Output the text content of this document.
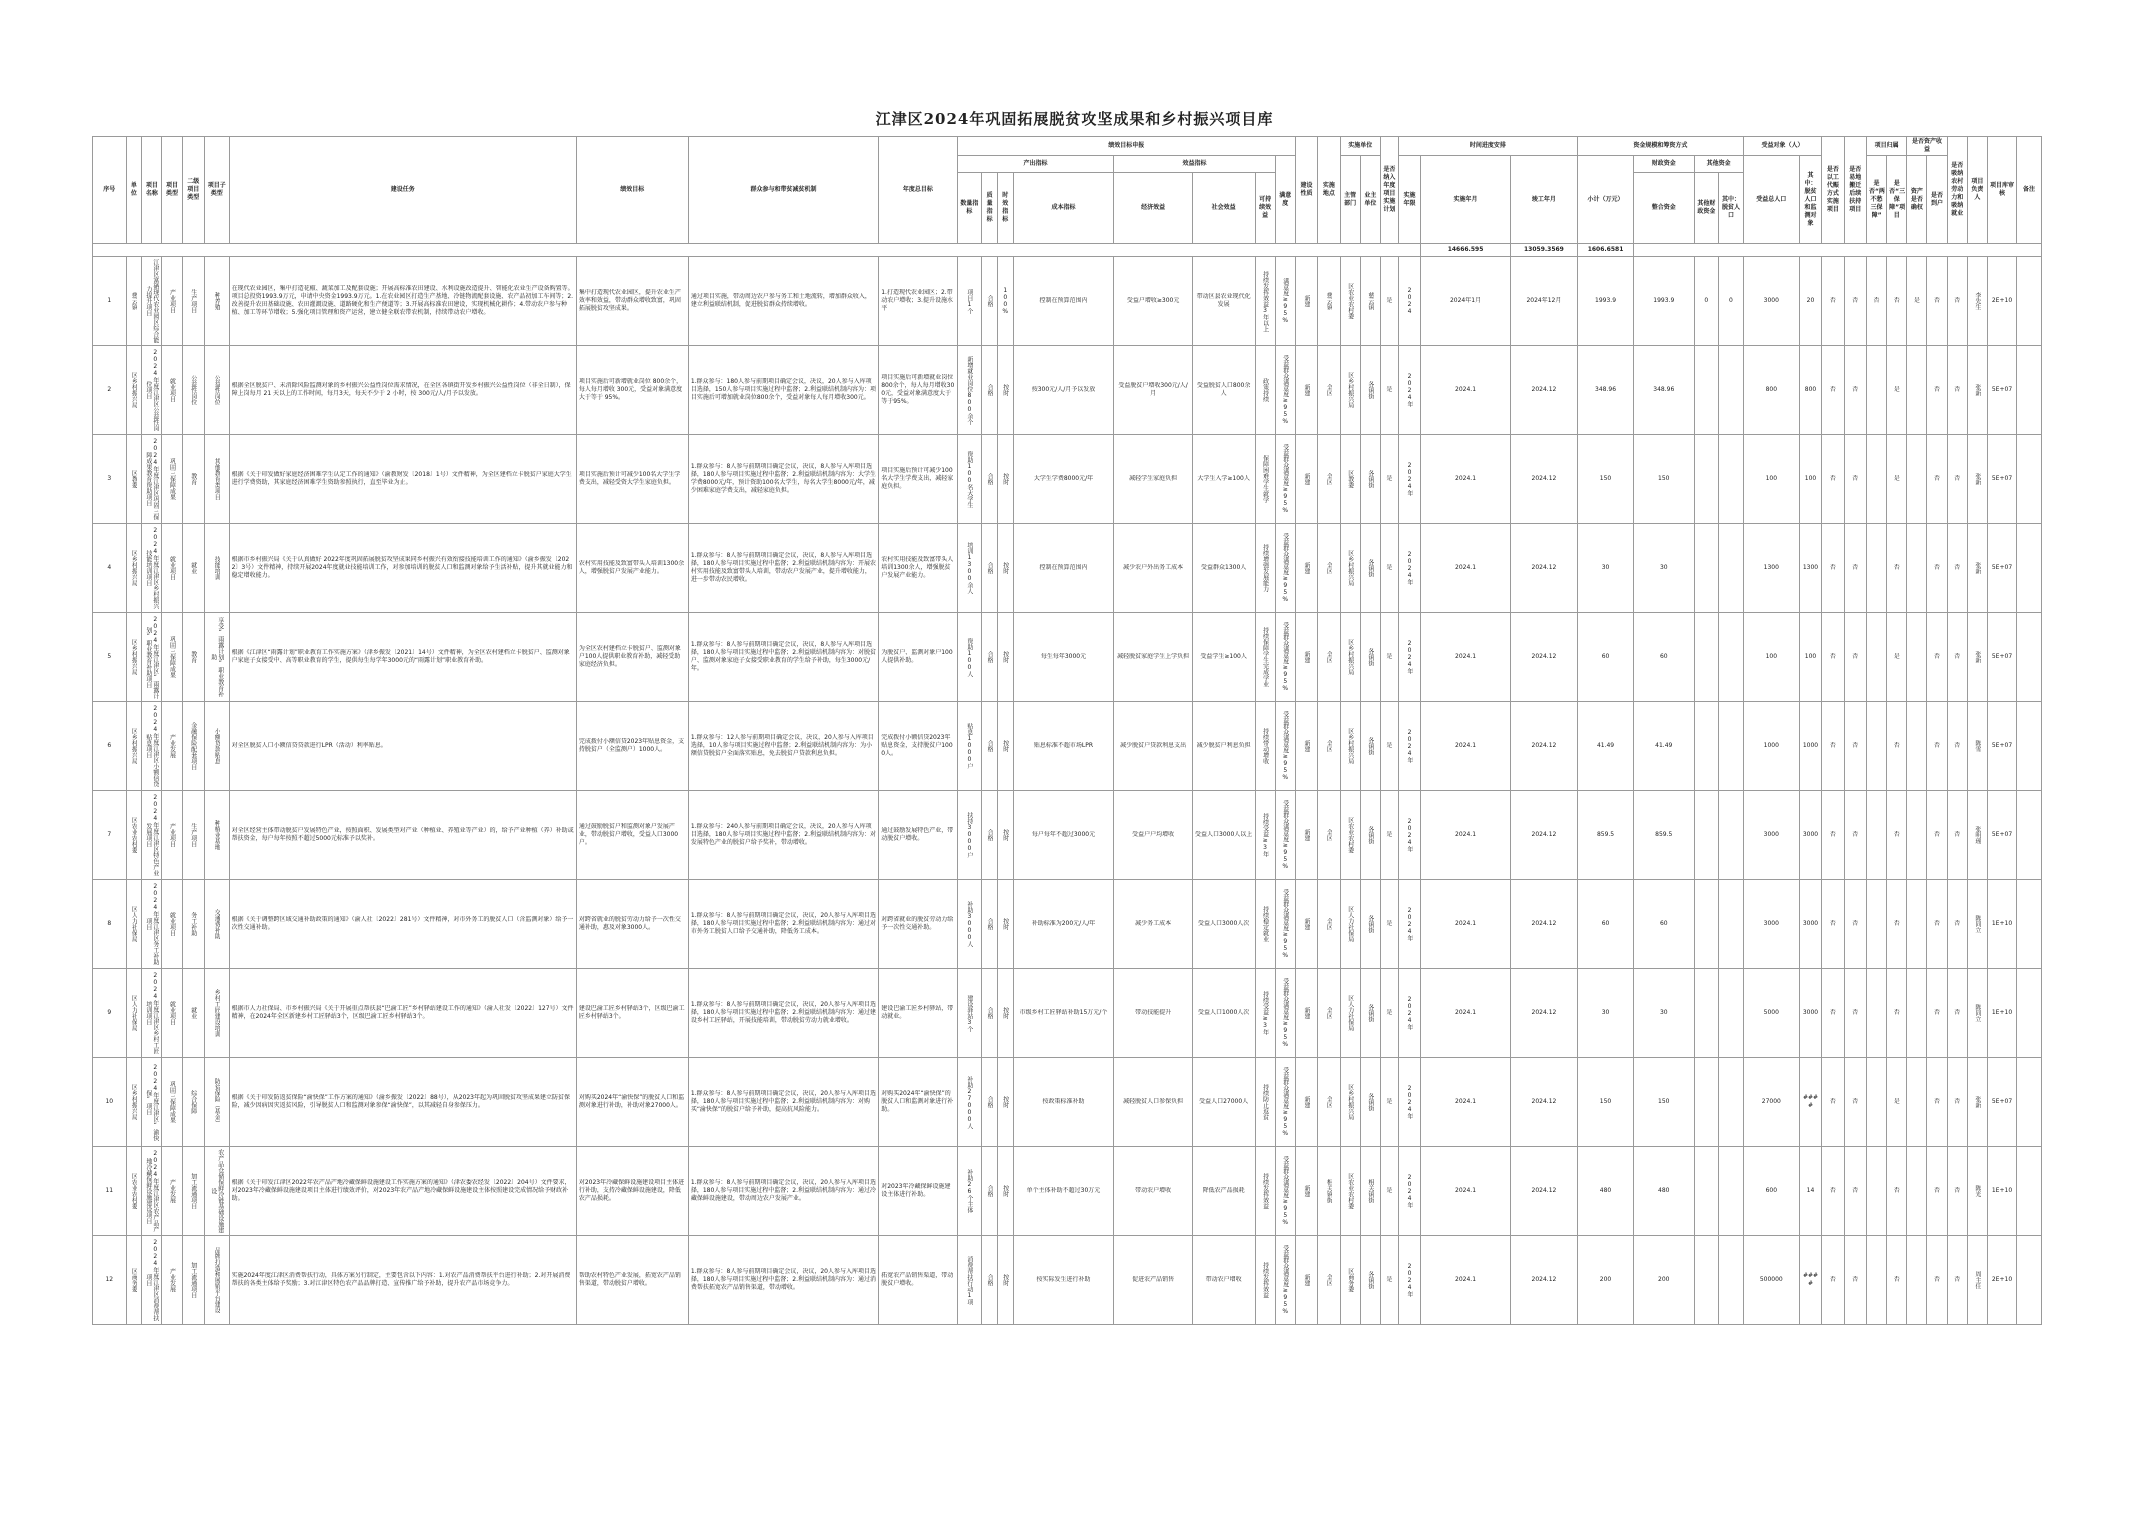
江津区2024年巩固拓展脱贫攻坚成果和乡村振兴项目库
序号	单位	项目名称	项目类型	二级项目类型	项目子类型	建设任务	绩效目标	群众参与和带贫减贫机制	年度总目标	绩效目标申报								建设性质	实施地点	实施单位		是否纳入年度项目实施计划	时间进度安排			资金规模和筹资方式				受益对象（人）		是否以工代赈方式实施项目	是否易地搬迁后续扶持项目	项目归属		是否资产收益		是否吸纳农村劳动力和吸纳就业	项目负责人	项目库审核	备注
										产出指标				效益指标			满意度			主管部门	业主单位		实施年限	实施年月	竣工年月	小计（万元）	财政资金	其他资金		受益总人口	其中：脱贫人口和监测对象			是否“两不愁三保障”	是否“三保障”项目	资产是否确权	是否到户				
										数量指标	质量指标	时效指标	成本指标	经济效益	社会效益	可持续效益											整合资金	其他财政资金	其中：脱贫人口												
																								14666.595	13059.3569	1606.6581															

1	慈云镇	江津区富硒现代农业园区综合能力提升项目	产业项目	生产项目	种养殖	在现代农业园区，集中打造花椒、蔬菜加工及配套设施；开展高标准农田建设、水利设施改造提升、智能化农业生产设备购置等。项目总投资1993.9万元，申请中央资金1993.9万元。1.在农业园区打造生产基地、冷链物流配套设施、农产品初加工车间等；2.改善提升农田基础设施、农田灌溉设施、道路硬化和生产便道等；3.开展高标准农田建设，实现机械化耕作；4.带动农户参与种植、加工等环节增收；5.强化项目管理和资产运营，建立健全联农带农机制，持续带动农户增收。	集中打造现代农业园区，提升农业生产效率和效益，带动群众增收致富，巩固拓展脱贫攻坚成果。	通过项目实施，带动周边农户参与务工和土地流转，增加群众收入，建立利益联结机制，促进脱贫群众持续增收。	1.打造现代农业园区；2.带动农户增收；3.提升设施水平	项目1个	合格	100%	控制在预算范围内	受益户增收≥300元	带动区县农业现代化发展	持续发挥效益3年以上	满意度≥95%	新建	慈云镇	区农业农村委	慈云镇	是	2024	2024年1月	2024年12月	1993.9	1993.9	0	0	3000	20	否	否	否	否	是	否	否	李先生	2E+10	

2	区乡村振兴局	2024年度江津区公益性岗位项目	就业项目	公益性岗位	公益性岗位	根据全区脱贫户、未消除风险监测对象的乡村振兴公益性岗位需求情况，在全区各镇街开发乡村振兴公益性岗位（非全日制），保障上岗每月 21 天以上的工作时间，每月3天，每天不少于 2 小时，按 300元/人/月予以发放。	项目实施后可新增就业岗位 800余个，每人每月增收 300元，受益对象满意度大于等于 95%。	1.群众参与：180人参与前期项目确定会议，决议，20人参与入库项目选择，150人参与项目实施过程中监督；2.利益联结机制内容为：项目实施后可增加就业岗位800余个，受益对象每人每月增收300元。	项目实施后可新增就业岗位800余个，每人每月增收300元，受益对象满意度大于等于95%。	新增就业岗位800余个	合格	按时	按300元/人/月予以发放	受益脱贫户增收300元/人/月	受益脱贫人口800余人	政策持续	受益群众满意度≥95%	新建	全区	区乡村振兴局	各镇街	是	2024年	2024.1	2024.12	348.96	348.96			800	800	否	否		是		否	否	张新	5E+07	

3	区教委	2024年度江津区巩固三保障成果教育资助项目	巩固三保障成果	教育	其他教育类项目	根据《关于印发做好家庭经济困难学生认定工作的通知》（渝教财发〔2018〕1号）文件精神，为全区建档立卡脱贫户家庭大学生进行学费资助，其家庭经济困难学生资助参照执行，直至毕业为止。	项目实施后预计可减少100名大学生学费支出，减轻受资大学生家庭负担。	1.群众参与：8人参与前期项目确定会议，决议，8人参与入库项目选择，180人参与项目实施过程中监督；2.利益联结机制内容为：大学生学费8000元/年，预计资助100名大学生，每名大学生8000元/年，减少困难家庭学费支出，减轻家庭负担。	项目实施后预计可减少100名大学生学费支出，减轻家庭负担。	资助100名大学生	合格	按时	大学生学费8000元/年	减轻学生家庭负担	大学生入学≥100人	保障困难学生就学	受益群众满意度≥95%	新建	全区	区教委	各镇街	是	2024年	2024.1	2024.12	150	150			100	100	否	否		是		否	否	张新	5E+07	

4	区乡村振兴局	2024年度江津区乡村振兴技能培训项目	就业项目	就业	技能培训	根据市乡村振兴局《关于认真做好 2022年度巩固拓展脱贫攻坚成果同乡村振兴有效衔接技能培训工作的通知》（渝乡振发〔2022〕3号）文件精神，持续开展2024年度就业技能培训工作，对参加培训的脱贫人口和监测对象给予生活补贴，提升其就业能力和稳定增收能力。	农村实用技能及致富带头人培训1300余人，增强脱贫户发展产业能力。	1.群众参与：8人参与前期项目确定会议，决议，8人参与入库项目选择，180人参与项目实施过程中监督；2.利益联结机制内容为：开展农村实用技能及致富带头人培训，带动农户发展产业，提升增收能力，进一步带动农民增收。	农村实用技能及致富带头人培训1300余人，增强脱贫户发展产业能力。	培训1300余人	合格	按时	控制在预算范围内	减少农户外出务工成本	受益群众1300人	持续增强发展能力	受益群众满意度≥95%	新建	全区	区乡村振兴局	各镇街	是	2024年	2024.1	2024.12	30	30			1300	1300	否	否		否		否	否	张新	5E+07	

5	区乡村振兴局	2024年度江津区“雨露计划”职业教育补助项目	巩固三保障成果	教育	享受“雨露计划”职业教育补助	根据《江津区“雨露计划”职业教育工作实施方案》（津乡振发〔2021〕14号）文件精神，为全区农村建档立卡脱贫户、监测对象户家庭子女接受中、高等职业教育的学生，提供每生每学年3000元的“雨露计划”职业教育补助。	为全区农村建档立卡脱贫户、监测对象户100人提供职业教育补助，减轻受助家庭经济负担。	1.群众参与：8人参与前期项目确定会议，决议，8人参与入库项目选择，180人参与项目实施过程中监督；2.利益联结机制内容为：对脱贫户、监测对象家庭子女接受职业教育的学生给予补助，每生3000元/年。	为脱贫户、监测对象户100人提供补助。	资助100人	合格	按时	每生每年3000元	减轻脱贫家庭学生上学负担	受益学生≥100人	持续保障学生完成学业	受益群众满意度≥95%	新建	全区	区乡村振兴局	各镇街	是	2024年	2024.1	2024.12	60	60			100	100	否	否		是		否	否	张新	5E+07	

6	区乡村振兴局	2024年度江津区小额信贷贴息项目	产业发展	金融保险配套项目	小额贷款贴息	对全区脱贫人口小额信贷贷款进行LPR（活动）利率贴息。	完成拨付小额信贷2023年贴息资金，支持脱贫户（全监测户）1000人。	1.群众参与：12人参与前期项目确定会议，决议，20人参与入库项目选择，10人参与项目实施过程中监督；2.利益联结机制内容为：为小额信贷脱贫户全面落实贴息，免去脱贫户贷款利息负担。	完成拨付小额信贷2023年贴息资金，支持脱贫户1000人。	贴息1000户	合格	按时	贴息标准不超市场LPR	减少脱贫户贷款利息支出	减少脱贫户利息负担	持续带动增收	受益群众满意度≥95%	新建	全区	区乡村振兴局	各镇街	是	2024年	2024.1	2024.12	41.49	41.49			1000	1000	否	否		否		否	否	陈雪	5E+07	

7	区农业农村委	2024年度江津区特色产业发展项目	产业项目	生产项目	种植业基地	对全区经营主体带动脱贫户发展特色产业，按照面积、发展类型对产业（种植业、养殖业等产业）的，给予产业种植（养）补助或帮扶资金，每户每年按照不超过5000元标准予以奖补。	通过鼓励脱贫户和监测对象户发展产业，带动脱贫户增收，受益人口3000户。	1.群众参与：240人参与前期项目确定会议，决议，20人参与入库项目选择，180人参与项目实施过程中监督；2.利益联结机制内容为：对发展特色产业的脱贫户给予奖补，带动增收。	通过鼓励发展特色产业，带动脱贫户增收。	扶持3000户	合格	按时	每户每年不超过3000元	受益户户均增收	受益人口3000人以上	持续受益≥3年	受益群众满意度≥95%	新建	全区	区农业农村委	各镇街	是	2024年	2024.1	2024.12	859.5	859.5			3000	3000	否	否		否		否	否	张明瑶	5E+07	

8	区人力社保局	2024年度江津区务工补助项目	就业项目	务工补助	交通费补助	根据《关于调整跨区域交通补助政策的通知》（渝人社〔2022〕281号）文件精神，对市外务工的脱贫人口（含监测对象）给予一次性交通补助。	对跨省就业的脱贫劳动力给予一次性交通补助，惠及对象3000人。	1.群众参与：8人参与前期项目确定会议，决议，20人参与入库项目选择，180人参与项目实施过程中监督；2.利益联结机制内容为：通过对市外务工脱贫人口给予交通补助，降低务工成本。	对跨省就业的脱贫劳动力给予一次性交通补助。	补助3000人	合格	按时	补助标准为200元/人/年	减少务工成本	受益人口3000人次	持续稳定就业	受益群众满意度≥95%	新建	全区	区人力社保局	各镇街	是	2024年	2024.1	2024.12	60	60			3000	3000	否	否		否		否	否	陈同立	1E+10	

9	区人力社保局	2024年度江津区乡村工匠培训项目	就业项目	就业	乡村工匠建设培训	根据市人力社保局、市乡村振兴局《关于开展重点帮扶县“巴渝工匠”乡村驿站建设工作的通知》（渝人社发〔2022〕127号）文件精神，在2024年全区新建乡村工匠驿站3个，区级巴渝工匠乡村驿站3个。	建设巴渝工匠乡村驿站3个，区级巴渝工匠乡村驿站3个。	1.群众参与：8人参与前期项目确定会议，决议，20人参与入库项目选择，180人参与项目实施过程中监督；2.利益联结机制内容为：通过建设乡村工匠驿站，开展技能培训，带动脱贫劳动力就业增收。	建设巴渝工匠乡村驿站，带动就业。	建设驿站3个	合格	按时	市级乡村工匠驿站补助15万元/个	带动技能提升	受益人口1000人次	持续受益≥3年	受益群众满意度≥95%	新建	全区	区人力社保局	各镇街	是	2024年	2024.1	2024.12	30	30			5000	3000	否	否		否		否	否	陈同立	1E+10	

10	区乡村振兴局	2024年度江津区“渝快保”项目	巩固三保障成果	综合保障	防贫保险（基金）	根据《关于印发防返贫保险“渝快保”工作方案的通知》（渝乡振发〔2022〕88号），从2023年起为巩固脱贫攻坚成果建立防贫保险，减少因病因灾返贫风险，引导脱贫人口和监测对象参保“渝快保”，以其减轻自身参保压力。	对购买2024年“渝快保”的脱贫人口和监测对象进行补助，补助对象27000人。	1.群众参与：8人参与前期项目确定会议，决议，20人参与入库项目选择，180人参与项目实施过程中监督；2.利益联结机制内容为：对购买“渝快保”的脱贫户给予补助，提高抗风险能力。	对购买2024年“渝快保”的脱贫人口和监测对象进行补助。	补助27000人	合格	按时	按政策标准补助	减轻脱贫人口参保负担	受益人口27000人	持续防止返贫	受益群众满意度≥95%	新建	全区	区乡村振兴局	各镇街	是	2024年	2024.1	2024.12	150	150			27000	####	否	否		是		否	否	张新	5E+07	

11	区农业农村委	2024年度江津区农产品产地冷藏保鲜设施建设项目	产业发展	加工流通项目	农产品仓储保鲜冷链基础设施建设	根据《关于印发江津区2022年农产品产地冷藏保鲜设施建设工作实施方案的通知》（津农委农经发〔2022〕204号）文件要求，对2023年冷藏保鲜设施建设项目主体进行绩效评价，对2023年农产品产地冷藏保鲜设施建设主体按照建设完成情况给予财政补助。	对2023年冷藏保鲜设施建设项目主体进行补助，支持冷藏保鲜设施建设，降低农产品损耗。	1.群众参与：8人参与前期项目确定会议，决议，20人参与入库项目选择，180人参与项目实施过程中监督；2.利益联结机制内容为：通过冷藏保鲜设施建设，带动周边农户发展产业。	对2023年冷藏保鲜设施建设主体进行补助。	补助26个主体	合格	按时	单个主体补助不超过30万元	带动农户增收	降低农产品损耗	持续发挥效益	受益群众满意度≥95%	新建	相关镇街	区农业农村委	相关镇街	是	2024年	2024.1	2024.12	480	480			600	14	否	否		否		否	否	陈光	1E+10	

12	区商务委	2024年度江津区消费帮扶项目	产业发展	加工流通项目	品牌打造和展销平台建设	实施2024年度江津区消费帮扶行动，具体方案另行制定，主要包含以下内容：1.对农产品消费帮扶平台进行补助；2.对开展消费帮扶的各类主体给予奖励；3.对江津区特色农产品品牌打造、宣传推广给予补助，提升农产品市场竞争力。	帮助农村特色产业发展，拓宽农产品销售渠道，带动脱贫户增收。	1.群众参与：8人参与前期项目确定会议，决议，20人参与入库项目选择，180人参与项目实施过程中监督；2.利益联结机制内容为：通过消费帮扶拓宽农产品销售渠道，带动增收。	拓宽农产品销售渠道，带动脱贫户增收。	消费帮扶行动1项	合格	按时	按实际发生进行补助	促进农产品销售	带动农户增收	持续发挥效益	受益群众满意度≥95%	新建	全区	区商务委	各镇街	是	2024年	2024.1	2024.12	200	200			500000	####	否	否		否		否	否	周主任	2E+10	
